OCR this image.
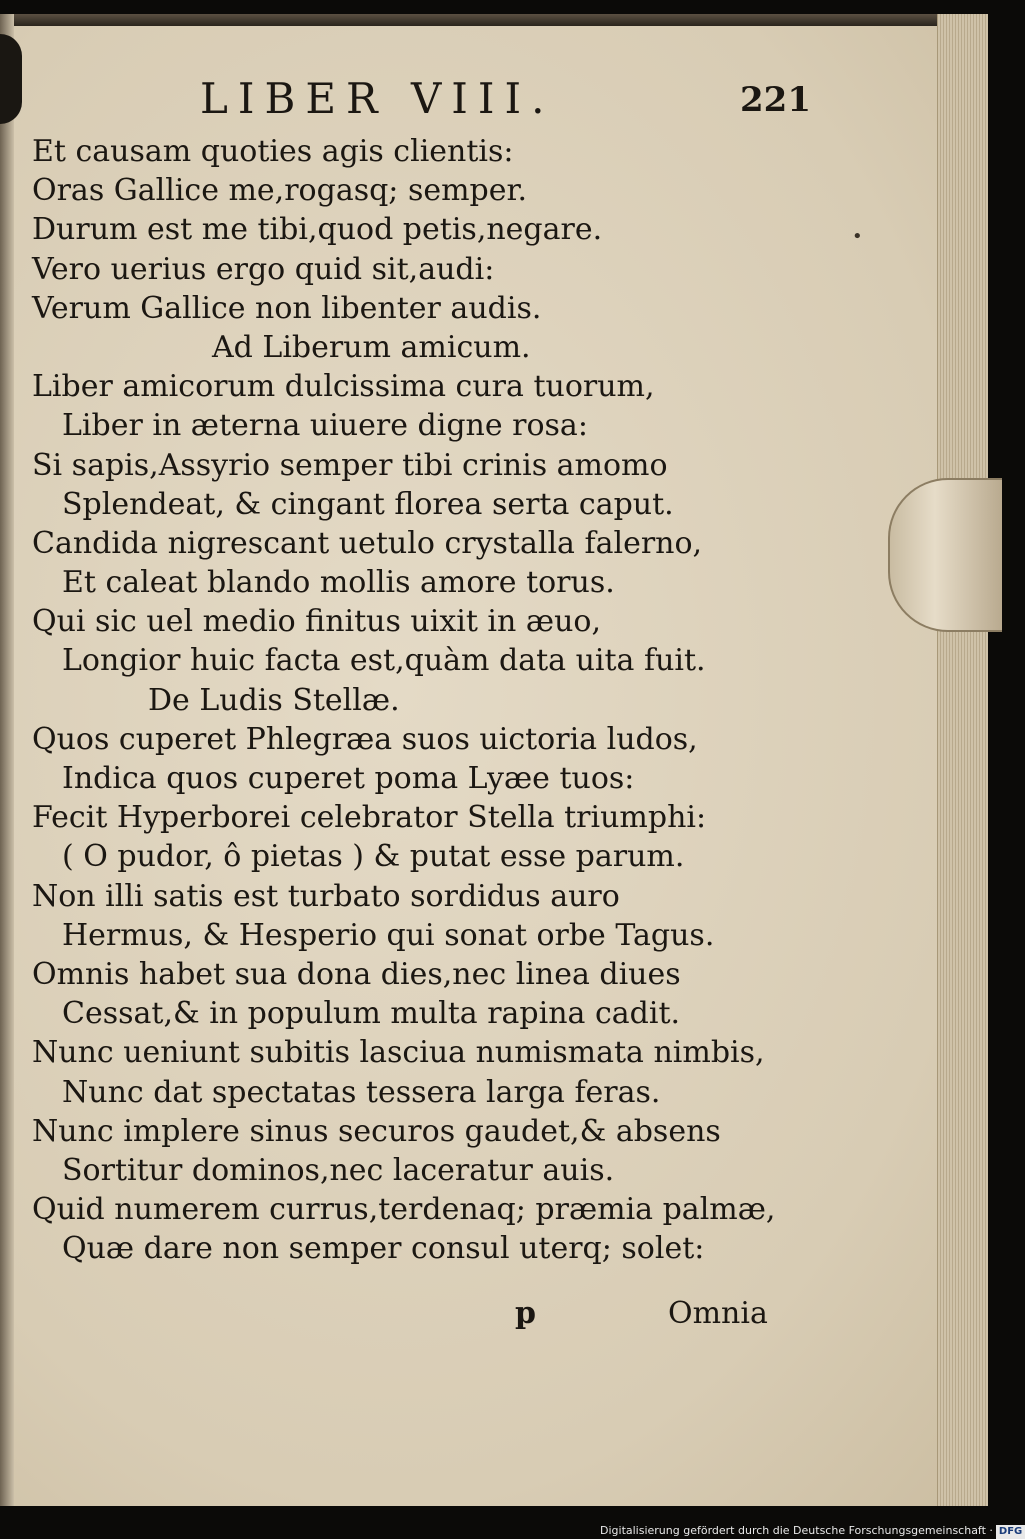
LIBER VIII.	221
Et causam quoties agis clientis:
Oras Gallice me,rogasq; semper.
Durum est me tibi,quod petis,negare.
Vero uerius ergo quid sit,audi:
Verum Gallice non libenter audis.
Ad Liberum amicum.
Liber amicorum dulcissima cura tuorum,
Liber in æterna uiuere digne rosa:
Si sapis,Assyrio semper tibi crinis amomo
Splendeat, & cingant florea serta caput.
Candida nigrescant uetulo crystalla falerno,
Et caleat blando mollis amore torus.
Qui sic uel medio finitus uixit in æuo,
Longior huic facta est,quàm data uita fuit.
De Ludis Stellæ.
Quos cuperet Phlegræa suos uictoria ludos,
Indica quos cuperet poma Lyæe tuos:
Fecit Hyperborei celebrator Stella triumphi:
( O pudor, ô pietas ) & putat esse parum.
Non illi satis est turbato sordidus auro
Hermus, & Hesperio qui sonat orbe Tagus.
Omnis habet sua dona dies,nec linea diues
Cessat,& in populum multa rapina cadit.
Nunc ueniunt subitis lasciua numismata nimbis,
Nunc dat spectatas tessera larga feras.
Nunc implere sinus securos gaudet,& absens
Sortitur dominos,nec laceratur auis.
Quid numerem currus,terdenaq; præmia palmæ,
Quæ dare non semper consul uterq; solet:
p	Omnia
•
Digitalisierung gefördert durch die Deutsche Forschungsgemeinschaft · DFG
